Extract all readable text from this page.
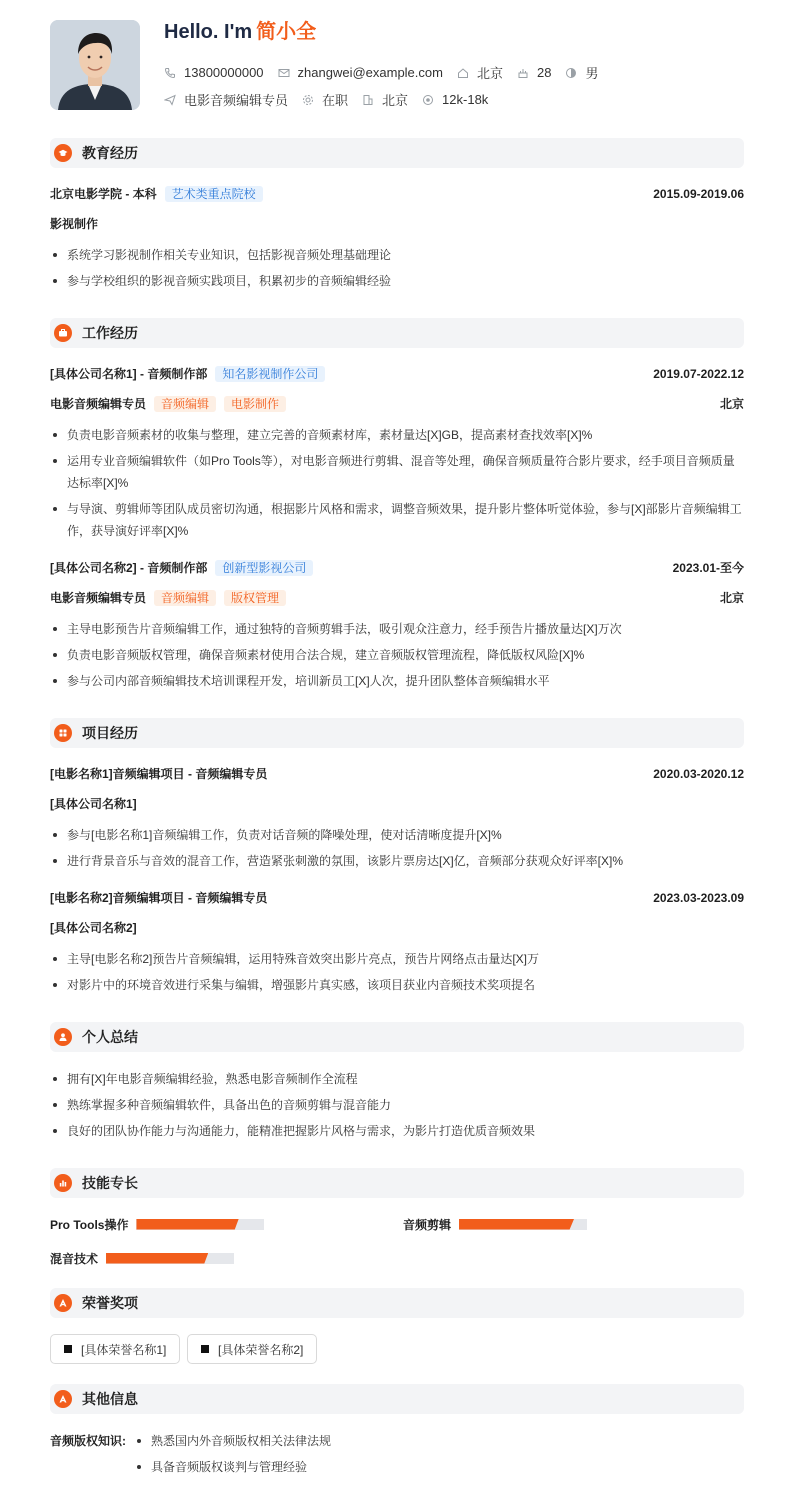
Hello. I'm 简小全
13800000000	zhangwei@example.com	北京	28	男
电影音频编辑专员	在职	北京	12k-18k
教育经历
北京电影学院 - 本科 艺术类重点院校	2015.09-2019.06
影视制作
系统学习影视制作相关专业知识，包括影视音频处理基础理论
参与学校组织的影视音频实践项目，积累初步的音频编辑经验
工作经历
[具体公司名称1] - 音频制作部 知名影视制作公司	2019.07-2022.12
电影音频编辑专员 音频编辑 电影制作	北京
负责电影音频素材的收集与整理，建立完善的音频素材库，素材量达[X]GB，提高素材查找效率[X]%
运用专业音频编辑软件（如Pro Tools等），对电影音频进行剪辑、混音等处理，确保音频质量符合影片要求，经手项目音频质量达标率[X]%
与导演、剪辑师等团队成员密切沟通，根据影片风格和需求，调整音频效果，提升影片整体听觉体验，参与[X]部影片音频编辑工作，获导演好评率[X]%
[具体公司名称2] - 音频制作部 创新型影视公司	2023.01-至今
电影音频编辑专员 音频编辑 版权管理	北京
主导电影预告片音频编辑工作，通过独特的音频剪辑手法，吸引观众注意力，经手预告片播放量达[X]万次
负责电影音频版权管理，确保音频素材使用合法合规，建立音频版权管理流程，降低版权风险[X]%
参与公司内部音频编辑技术培训课程开发，培训新员工[X]人次，提升团队整体音频编辑水平
项目经历
[电影名称1]音频编辑项目 - 音频编辑专员	2020.03-2020.12
[具体公司名称1]
参与[电影名称1]音频编辑工作，负责对话音频的降噪处理，使对话清晰度提升[X]%
进行背景音乐与音效的混音工作，营造紧张刺激的氛围，该影片票房达[X]亿，音频部分获观众好评率[X]%
[电影名称2]音频编辑项目 - 音频编辑专员	2023.03-2023.09
[具体公司名称2]
主导[电影名称2]预告片音频编辑，运用特殊音效突出影片亮点，预告片网络点击量达[X]万
对影片中的环境音效进行采集与编辑，增强影片真实感，该项目获业内音频技术奖项提名
个人总结
拥有[X]年电影音频编辑经验，熟悉电影音频制作全流程
熟练掌握多种音频编辑软件，具备出色的音频剪辑与混音能力
良好的团队协作能力与沟通能力，能精准把握影片风格与需求，为影片打造优质音频效果
技能专长
Pro Tools操作	音频剪辑
混音技术
荣誉奖项
[具体荣誉名称1]	[具体荣誉名称2]
其他信息
音频版权知识:	熟悉国内外音频版权相关法律法规
具备音频版权谈判与管理经验
